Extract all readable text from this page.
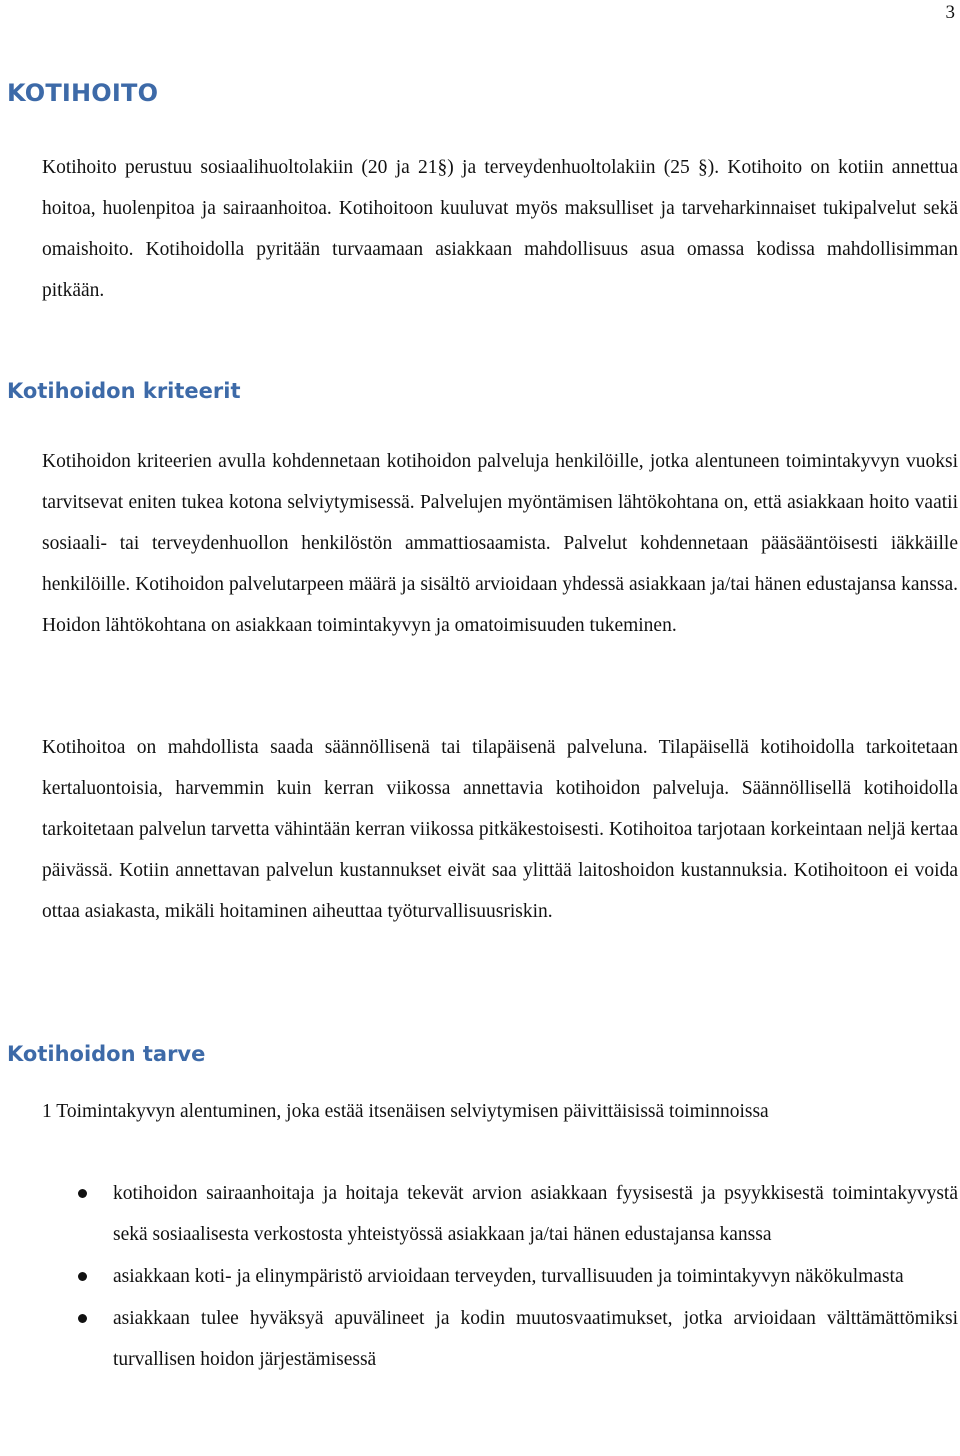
3

KOTIHOITO

Kotihoito perustuu sosiaalihuoltolakiin (20 ja 21§) ja terveydenhuoltolakiin (25 §). Kotihoito on kotiin annettua hoitoa, huolenpitoa ja sairaanhoitoa. Kotihoitoon kuuluvat myös maksulliset ja tarveharkinnaiset tukipalvelut sekä omaishoito. Kotihoidolla pyritään turvaamaan asiakkaan mahdollisuus asua omassa kodissa mahdollisimman pitkään.

Kotihoidon kriteerit

Kotihoidon kriteerien avulla kohdennetaan kotihoidon palveluja henkilöille, jotka alentuneen toimintakyvyn vuoksi tarvitsevat eniten tukea kotona selviytymisessä. Palvelujen myöntämisen lähtökohtana on, että asiakkaan hoito vaatii sosiaali- tai terveydenhuollon henkilöstön ammattiosaamista. Palvelut kohdennetaan pääsääntöisesti iäkkäille henkilöille. Kotihoidon palvelutarpeen määrä ja sisältö arvioidaan yhdessä asiakkaan ja/tai hänen edustajansa kanssa. Hoidon lähtökohtana on asiakkaan toimintakyvyn ja omatoimisuuden tukeminen.

Kotihoitoa on mahdollista saada säännöllisenä tai tilapäisenä palveluna. Tilapäisellä kotihoidolla tarkoitetaan kertaluontoisia, harvemmin kuin kerran viikossa annettavia kotihoidon palveluja. Säännöllisellä kotihoidolla tarkoitetaan palvelun tarvetta vähintään kerran viikossa pitkäkestoisesti. Kotihoitoa tarjotaan korkeintaan neljä kertaa päivässä. Kotiin annettavan palvelun kustannukset eivät saa ylittää laitoshoidon kustannuksia. Kotihoitoon ei voida ottaa asiakasta, mikäli hoitaminen aiheuttaa työturvallisuusriskin.

Kotihoidon tarve

1 Toimintakyvyn alentuminen, joka estää itsenäisen selviytymisen päivittäisissä toiminnoissa

kotihoidon sairaanhoitaja ja hoitaja tekevät arvion asiakkaan fyysisestä ja psyykkisestä toimintakyvystä sekä sosiaalisesta verkostosta yhteistyössä asiakkaan ja/tai hänen edustajansa kanssa
asiakkaan koti- ja elinympäristö arvioidaan terveyden, turvallisuuden ja toimintakyvyn näkökulmasta
asiakkaan tulee hyväksyä apuvälineet ja kodin muutosvaatimukset, jotka arvioidaan välttämättömiksi turvallisen hoidon järjestämisessä
